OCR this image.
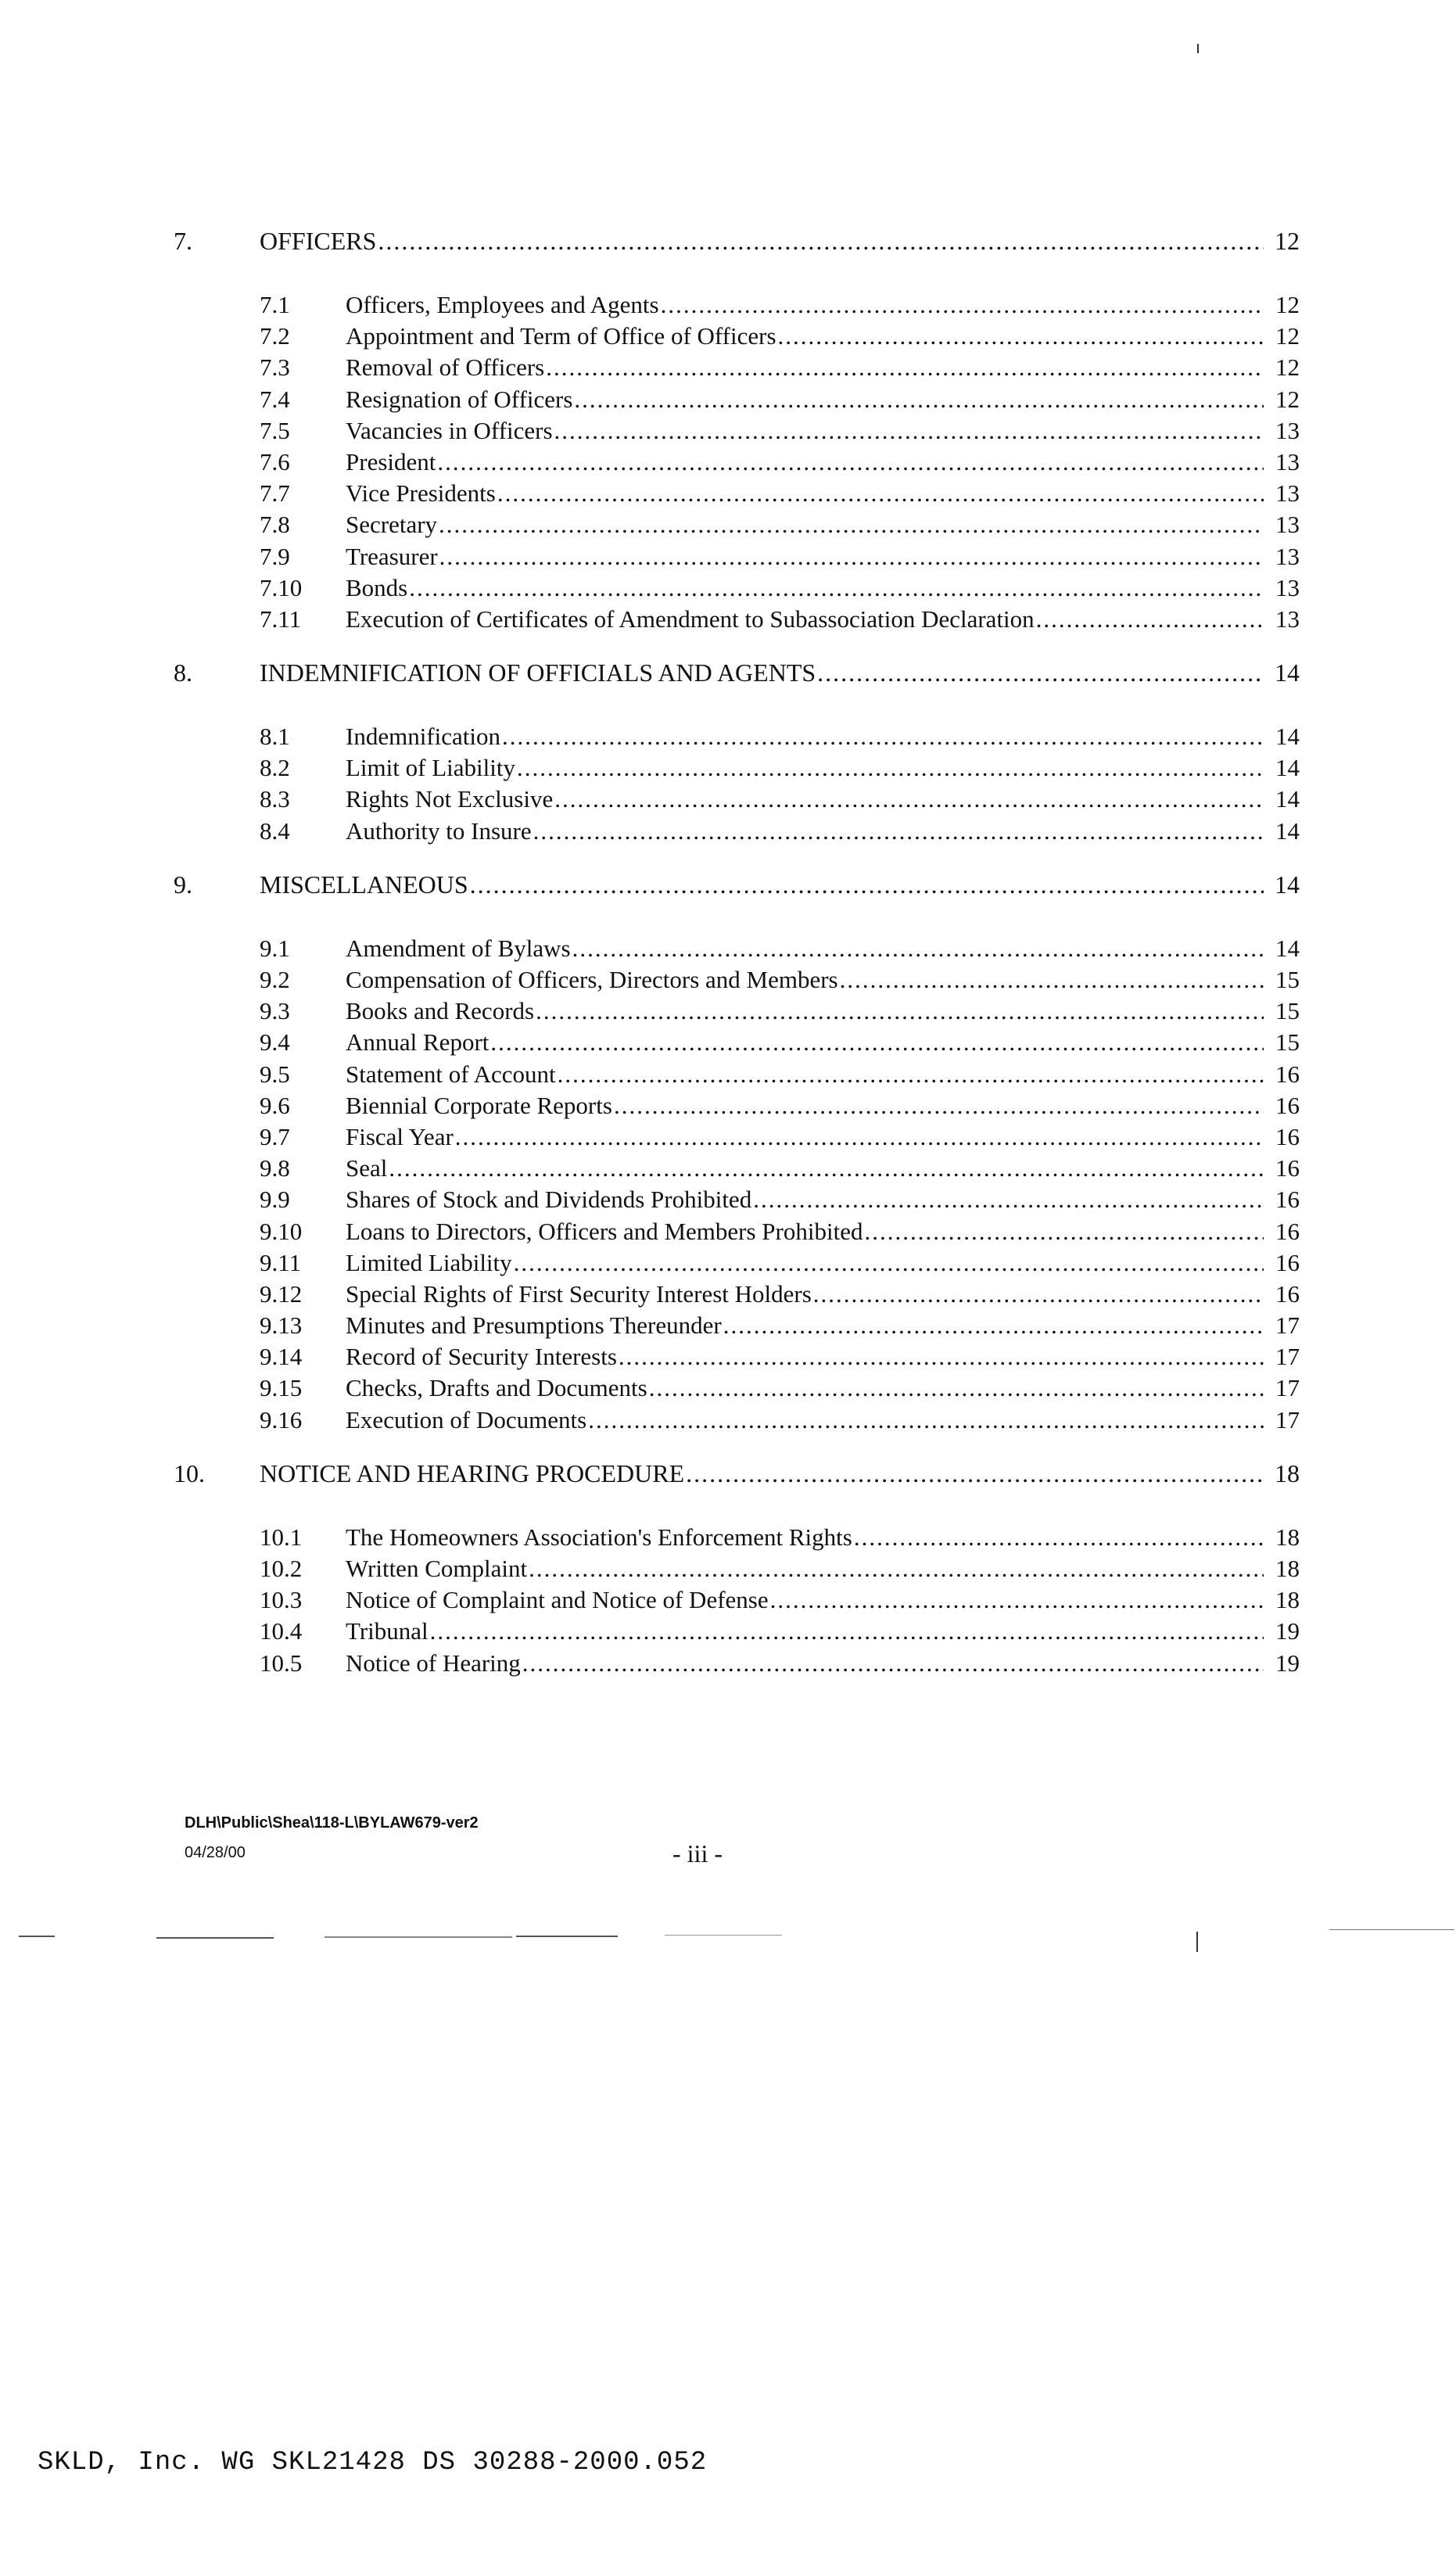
7.	OFFICERS .....	12
7.1	Officers, Employees and Agents .....	12
7.2	Appointment and Term of Office of Officers .....	12
7.3	Removal of Officers .....	12
7.4	Resignation of Officers .....	12
7.5	Vacancies in Officers .....	13
7.6	President .....	13
7.7	Vice Presidents .....	13
7.8	Secretary .....	13
7.9	Treasurer .....	13
7.10	Bonds .....	13
7.11	Execution of Certificates of Amendment to Subassociation Declaration .....	13
8.	INDEMNIFICATION OF OFFICIALS AND AGENTS .....	14
8.1	Indemnification .....	14
8.2	Limit of Liability .....	14
8.3	Rights Not Exclusive .....	14
8.4	Authority to Insure .....	14
9.	MISCELLANEOUS .....	14
9.1	Amendment of Bylaws .....	14
9.2	Compensation of Officers, Directors and Members .....	15
9.3	Books and Records .....	15
9.4	Annual Report .....	15
9.5	Statement of Account .....	16
9.6	Biennial Corporate Reports .....	16
9.7	Fiscal Year .....	16
9.8	Seal .....	16
9.9	Shares of Stock and Dividends Prohibited .....	16
9.10	Loans to Directors, Officers and Members Prohibited .....	16
9.11	Limited Liability .....	16
9.12	Special Rights of First Security Interest Holders .....	16
9.13	Minutes and Presumptions Thereunder .....	17
9.14	Record of Security Interests .....	17
9.15	Checks, Drafts and Documents .....	17
9.16	Execution of Documents .....	17
10.	NOTICE AND HEARING PROCEDURE .....	18
10.1	The Homeowners Association's Enforcement Rights .....	18
10.2	Written Complaint .....	18
10.3	Notice of Complaint and Notice of Defense .....	18
10.4	Tribunal .....	19
10.5	Notice of Hearing .....	19
DLH\Public\Shea\118-L\BYLAW679-ver2
04/28/00	- iii -
SKLD, Inc. WG SKL21428 DS 30288-2000.052
